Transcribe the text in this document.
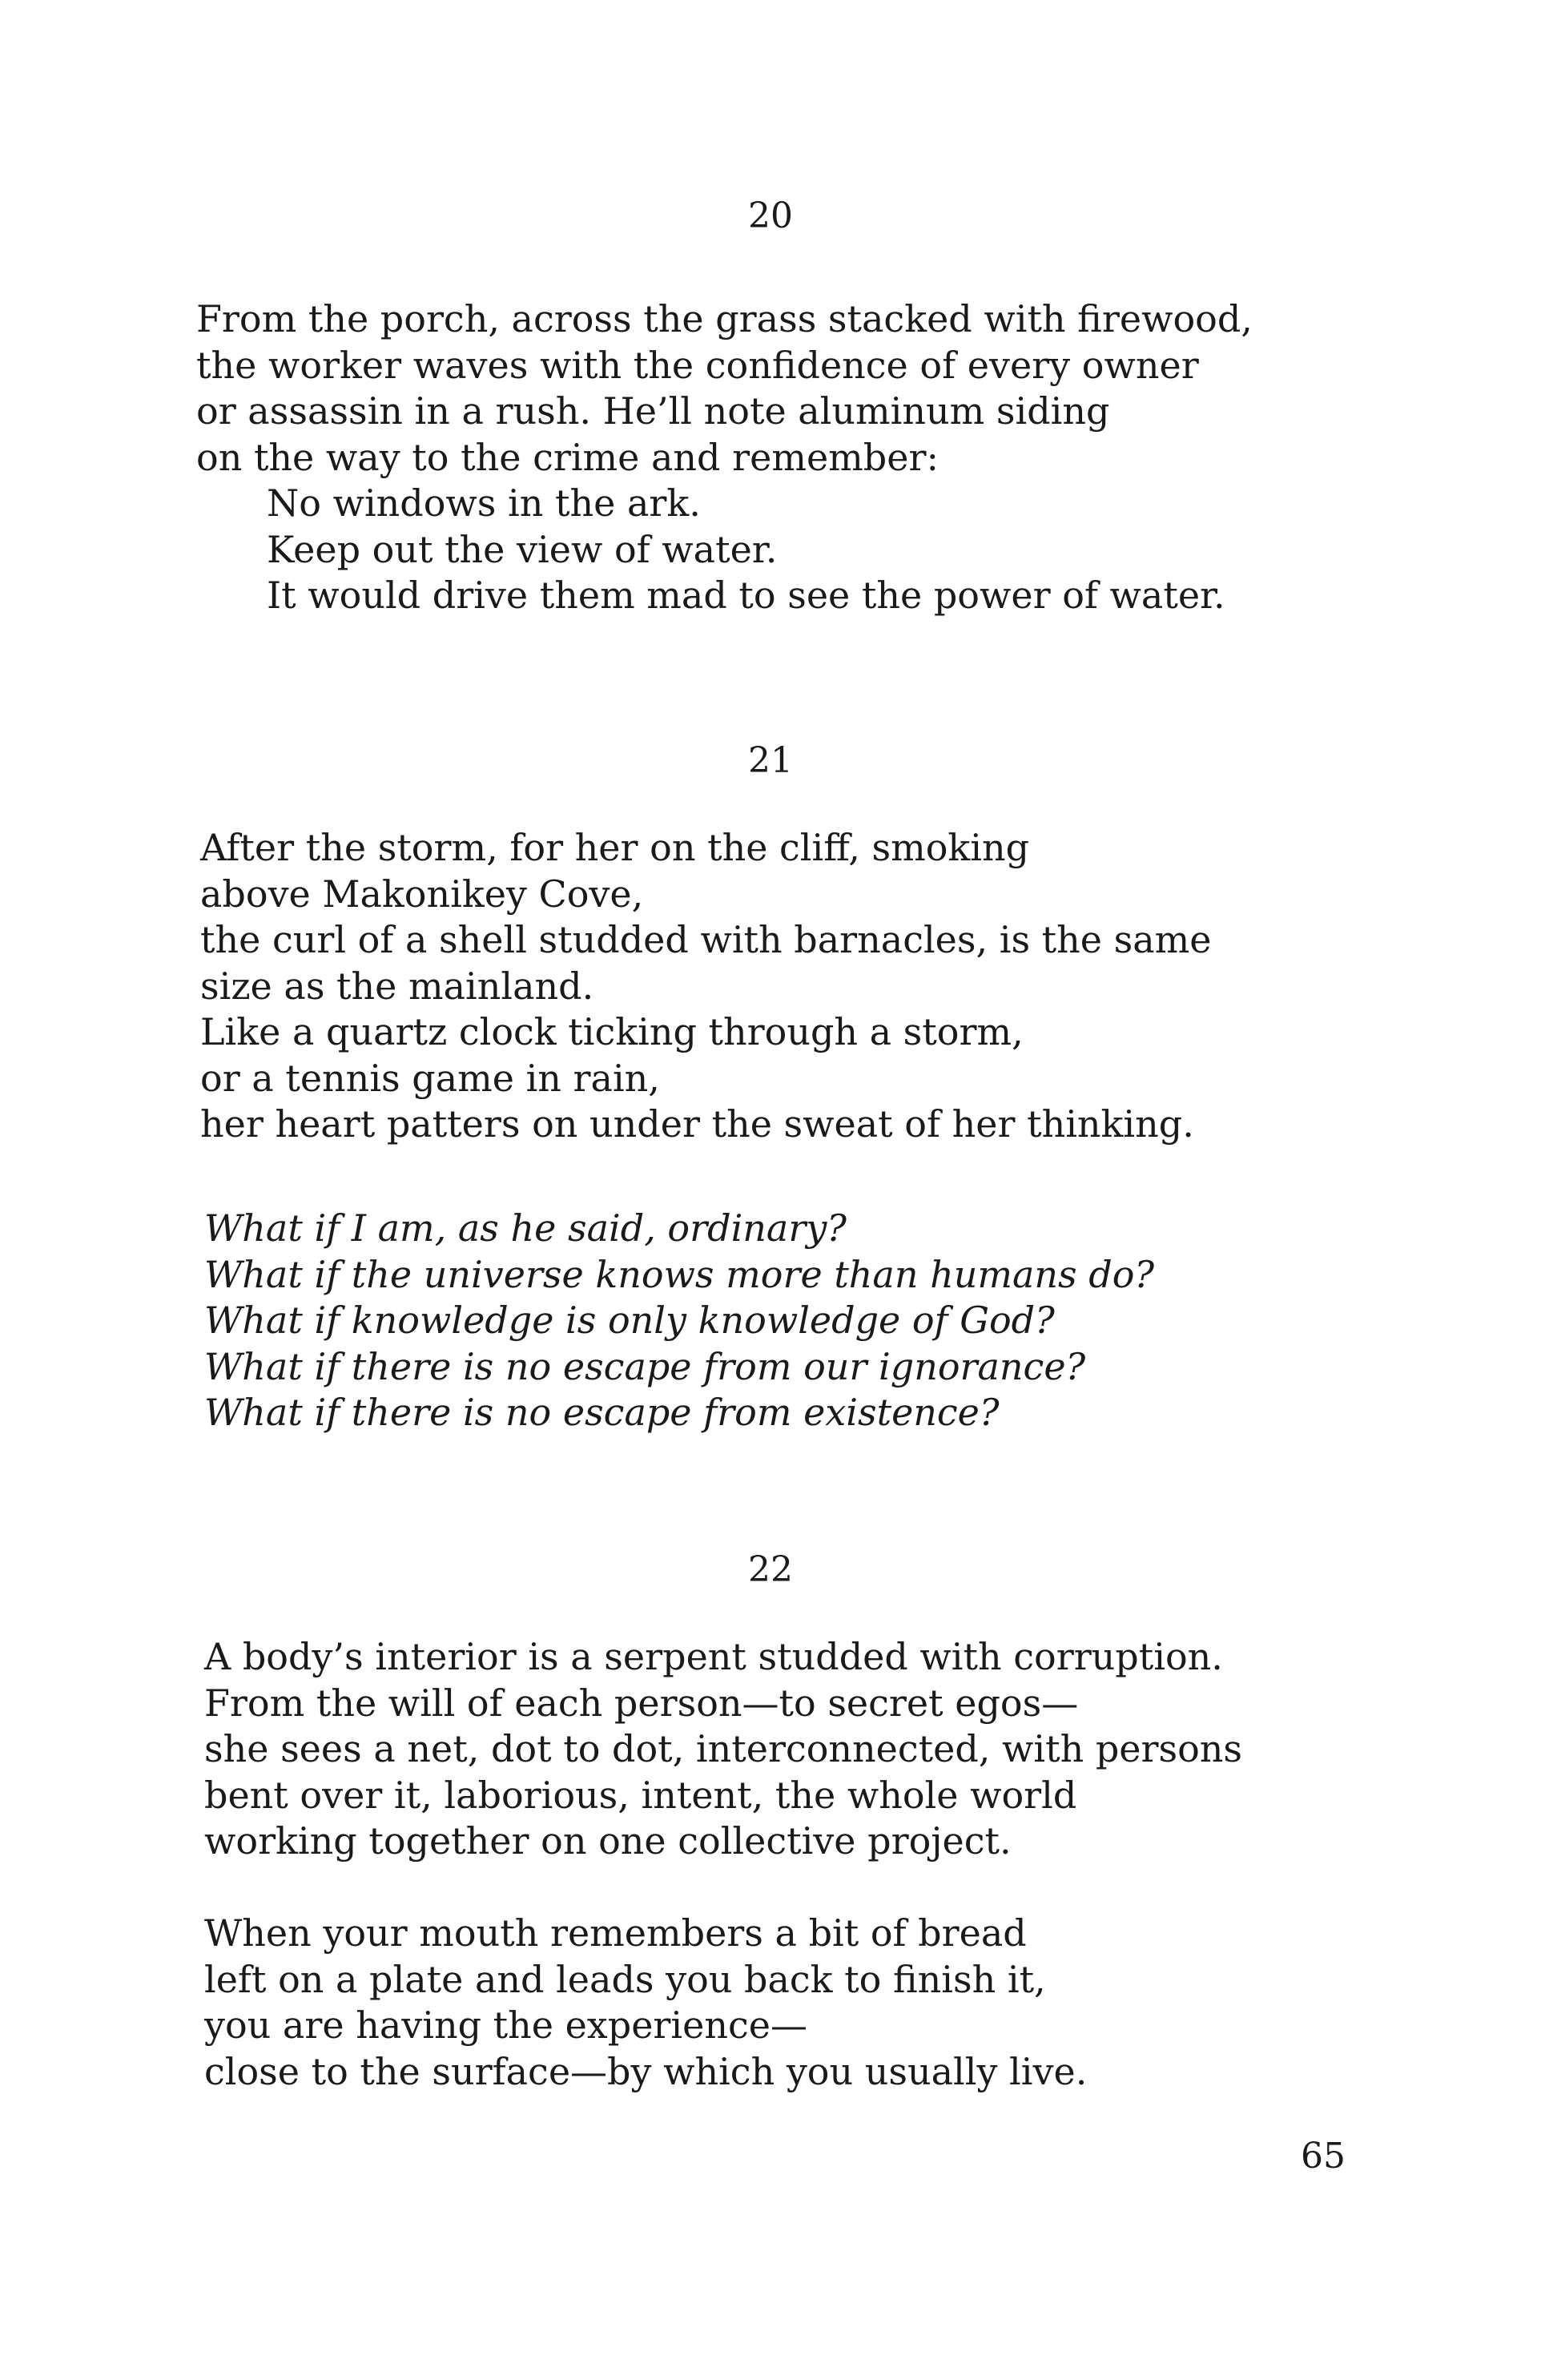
20

From the porch, across the grass stacked with firewood,
the worker waves with the confidence of every owner
or assassin in a rush. He’ll note aluminum siding
on the way to the crime and remember:
No windows in the ark.
Keep out the view of water.
It would drive them mad to see the power of water.

21

After the storm, for her on the cliff, smoking
above Makonikey Cove,
the curl of a shell studded with barnacles, is the same
size as the mainland.
Like a quartz clock ticking through a storm,
or a tennis game in rain,
her heart patters on under the sweat of her thinking.
What if I am, as he said, ordinary?
What if the universe knows more than humans do?
What if knowledge is only knowledge of God?
What if there is no escape from our ignorance?
What if there is no escape from existence?

22

A body’s interior is a serpent studded with corruption.
From the will of each person—to secret egos—
she sees a net, dot to dot, interconnected, with persons
bent over it, laborious, intent, the whole world
working together on one collective project.
When your mouth remembers a bit of bread
left on a plate and leads you back to finish it,
you are having the experience—
close to the surface—by which you usually live.

65
